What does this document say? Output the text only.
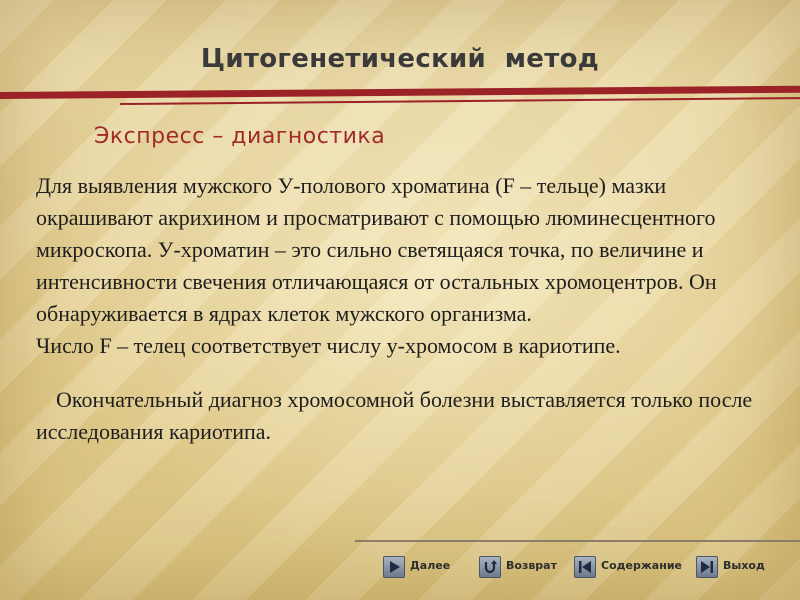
Цитогенетический  метод
Экспресс – диагностика

Для выявления мужского У-полового хроматина (F – тельце) мазки окрашивают акрихином и просматривают с помощью люминесцентного микроскопа. У-хроматин – это сильно светящаяся точка, по величине и интенсивности свечения отличающаяся от остальных хромоцентров. Он обнаруживается в ядрах клеток мужского организма.

Число F – телец соответствует числу у-хромосом в кариотипе.

Окончательный диагноз хромосомной болезни выставляется только после исследования кариотипа.

Далее	Возврат	Содержание	Выход
